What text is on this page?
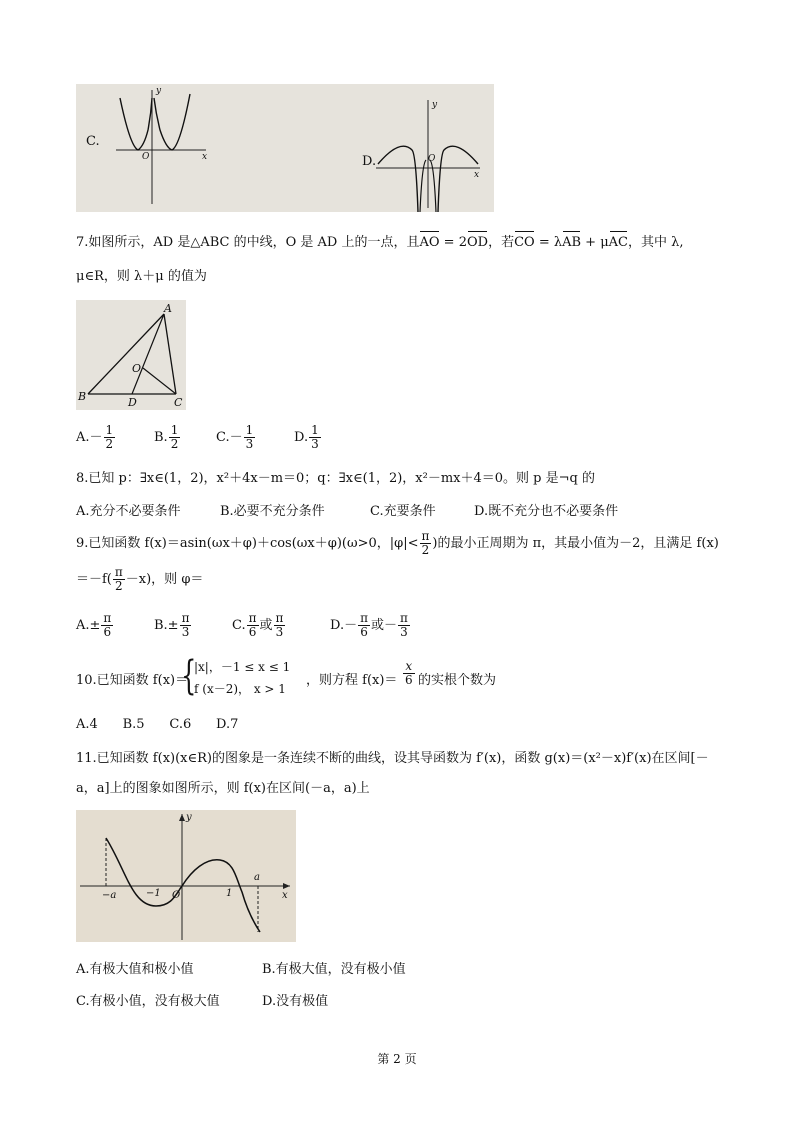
C.
y
x
O	D.
y
x
O
7.如图所示，AD 是△ABC 的中线，O 是 AD 上的一点，且AO = 2OD，若CO = λAB + μAC，其中 λ,
μ∈R，则 λ＋μ 的值为
A
B	C
D
O
$A.- \frac{1}{2}$	B. $\frac{1}{2}$	$C.- \frac{1}{3}$	D. $\frac{1}{3}$
8.已知 p：∃x∈(1，2)，x²＋4x－m＝0；q：∃x∈(1，2)，x²－mx＋4＝0。则 p 是¬q 的
A.充分不必要条件	B.必要不充分条件	C.充要条件	D.既不充分也不必要条件
9.已知函数 f(x)＝asin(ωx＋φ)＋cos(ωx＋φ)(ω>0，$|\varphi|< \frac{\pi}{2}$ )的最小正周期为 π，其最小值为－2，且满足 f(x)
$=-f( \frac{\pi}{2} -x)$，则 φ＝
$A.\pm \frac{\pi}{6}$	$B.\pm \frac{\pi}{3}$	C. $\frac{\pi}{6}$ 或 $\frac{\pi}{3}$	$D.- \frac{\pi}{6}$ 或－ $\frac{\pi}{3}$
10.已知函数 f(x)＝
{
|x|，－1 ≤ x ≤ 1
f (x－2)， x > 1
，则方程 $f(x)= \frac{x}{6}$ 的实根个数为
A.4      B.5      C.6      D.7
11.已知函数 f(x)(x∈R)的图象是一条连续不断的曲线，设其导函数为 f′(x)，函数 g(x)＝(x²－x)f′(x)在区间[－
a，a]上的图象如图所示，则 f(x)在区间(－a，a)上
y
x
O
−a	−1	1
a
A.有极大值和极小值	B.有极大值，没有极小值
C.有极小值，没有极大值	D.没有极值
第 2 页
